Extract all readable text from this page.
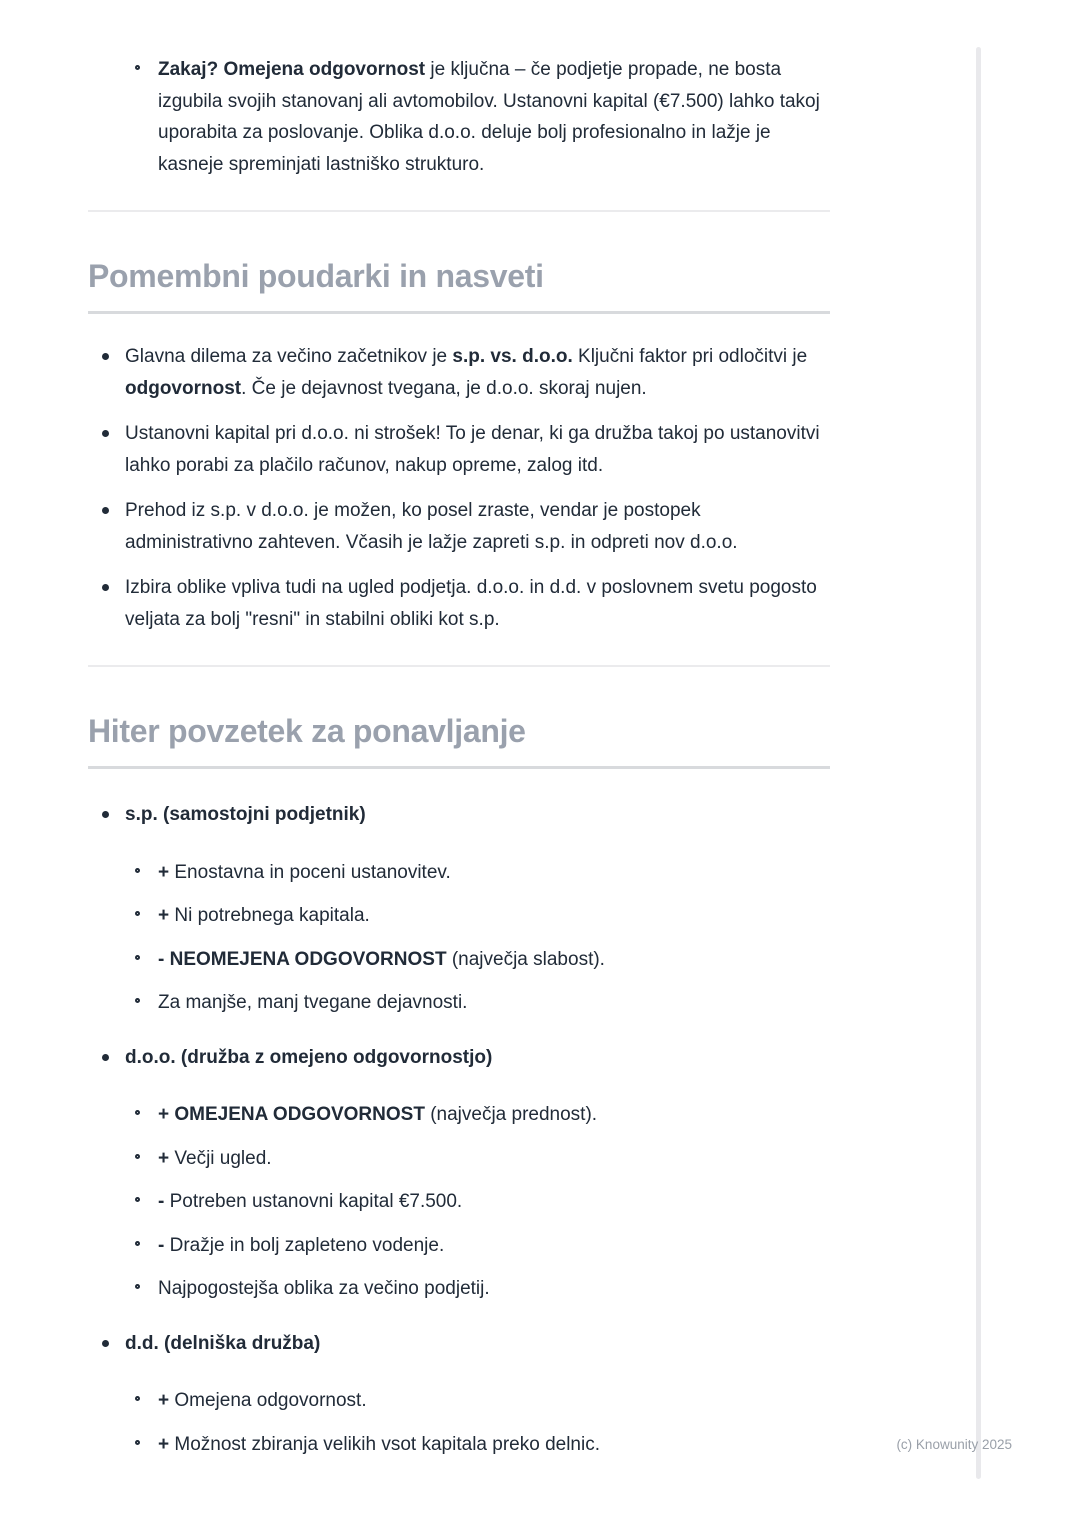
Zakaj? Omejena odgovornost je ključna – če podjetje propade, ne bosta izgubila svojih stanovanj ali avtomobilov. Ustanovni kapital (€7.500) lahko takoj uporabita za poslovanje. Oblika d.o.o. deluje bolj profesionalno in lažje je kasneje spreminjati lastniško strukturo.

Pomembni poudarki in nasveti

Glavna dilema za večino začetnikov je s.p. vs. d.o.o. Ključni faktor pri odločitvi je odgovornost. Če je dejavnost tvegana, je d.o.o. skoraj nujen.

Ustanovni kapital pri d.o.o. ni strošek! To je denar, ki ga družba takoj po ustanovitvi lahko porabi za plačilo računov, nakup opreme, zalog itd.

Prehod iz s.p. v d.o.o. je možen, ko posel zraste, vendar je postopek administrativno zahteven. Včasih je lažje zapreti s.p. in odpreti nov d.o.o.

Izbira oblike vpliva tudi na ugled podjetja. d.o.o. in d.d. v poslovnem svetu pogosto veljata za bolj "resni" in stabilni obliki kot s.p.

Hiter povzetek za ponavljanje

s.p. (samostojni podjetnik)

+ Enostavna in poceni ustanovitev.

+ Ni potrebnega kapitala.

- NEOMEJENA ODGOVORNOST (največja slabost).

Za manjše, manj tvegane dejavnosti.

d.o.o. (družba z omejeno odgovornostjo)

+ OMEJENA ODGOVORNOST (največja prednost).

+ Večji ugled.

- Potreben ustanovni kapital €7.500.

- Dražje in bolj zapleteno vodenje.

Najpogostejša oblika za večino podjetij.

d.d. (delniška družba)

+ Omejena odgovornost.

+ Možnost zbiranja velikih vsot kapitala preko delnic.	(c) Knowunity 2025
